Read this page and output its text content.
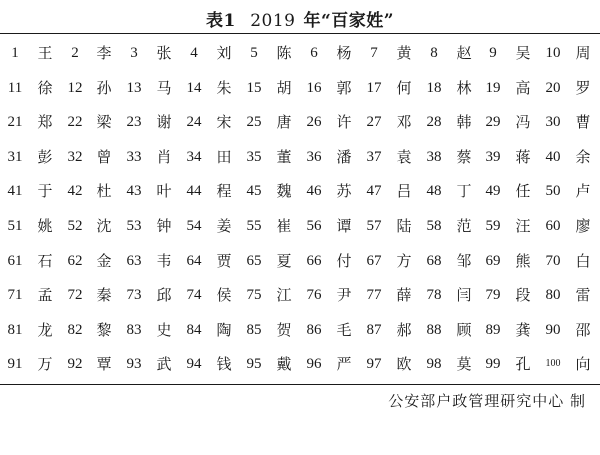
表1 2019 年“百家姓”
1	王	2	李	3	张	4	刘	5	陈	6	杨	7	黄	8	赵	9	吴	10 周
11	徐	12 孙	13 马	14 朱	15 胡	16 郭	17 何	18 林 19 高	20 罗
21 郑	22 梁	23 谢	24 宋	25 唐	26 许	27 邓	28 韩 29 冯	30 曹
31 彭	32 曾	33 肖	34 田	35 董	36 潘	37 袁	38 蔡 39 蒋	40 余
41 于	42 杜	43 叶	44 程	45 魏	46 苏	47 吕	48 丁 49 任	50 卢
51 姚	52 沈	53 钟	54 姜	55 崔	56 谭	57 陆	58 范 59 汪	60 廖
61 石	62 金	63 韦	64 贾	65 夏	66 付	67 方	68 邹 69 熊	70 白
71 孟	72 秦	73 邱	74 侯	75 江	76 尹	77 薛	78 闫 79 段	80 雷
81 龙	82 黎	83 史	84 陶	85 贺	86 毛	87 郝	88 顾 89 龚	90 邵
91 万	92 覃	93 武	94 钱	95 戴	96 严	97 欧	98 莫 99 孔	100 向
公安部户政管理研究中心 制
